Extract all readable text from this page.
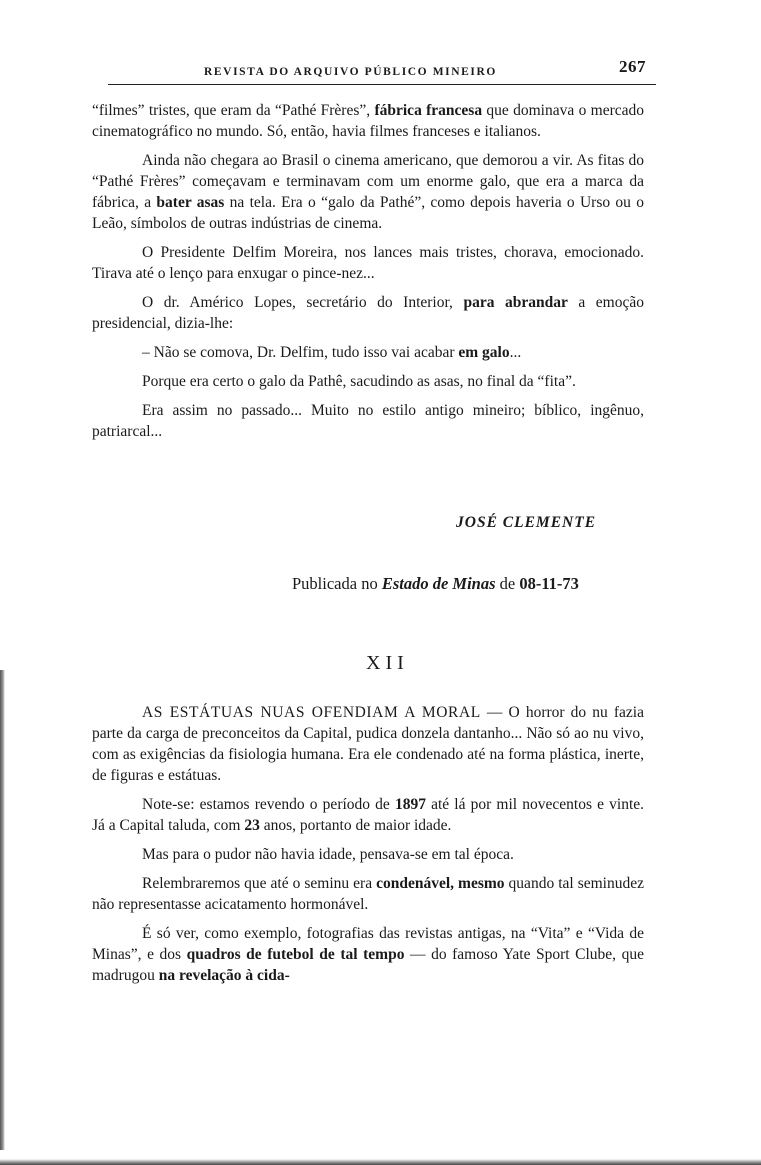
REVISTA DO ARQUIVO PÚBLICO MINEIRO	267

“filmes” tristes, que eram da “Pathé Frères”, fábrica francesa que dominava o mercado cinematográfico no mundo. Só, então, havia filmes franceses e italianos.

Ainda não chegara ao Brasil o cinema americano, que demorou a vir. As fitas do “Pathé Frères” começavam e terminavam com um enorme galo, que era a marca da fábrica, a bater asas na tela. Era o “galo da Pathé”, como depois haveria o Urso ou o Leão, símbolos de outras indústrias de cinema.

O Presidente Delfim Moreira, nos lances mais tristes, chorava, emocionado. Tirava até o lenço para enxugar o pince-nez...

O dr. Américo Lopes, secretário do Interior, para abrandar a emoção presidencial, dizia-lhe:

– Não se comova, Dr. Delfim, tudo isso vai acabar em galo...

Porque era certo o galo da Pathê, sacudindo as asas, no final da “fita”.

Era assim no passado... Muito no estilo antigo mineiro; bíblico, ingênuo, patriarcal...

JOSÉ CLEMENTE
Publicada no Estado de Minas de 08-11-73
XII

AS ESTÁTUAS NUAS OFENDIAM A MORAL — O horror do nu fazia parte da carga de preconceitos da Capital, pudica donzela dantanho... Não só ao nu vivo, com as exigências da fisiologia humana. Era ele condenado até na forma plástica, inerte, de figuras e estátuas.

Note-se: estamos revendo o período de 1897 até lá por mil novecentos e vinte. Já a Capital taluda, com 23 anos, portanto de maior idade.

Mas para o pudor não havia idade, pensava-se em tal época.

Relembraremos que até o seminu era condenável, mesmo quando tal seminudez não representasse acicatamento hormonável.

É só ver, como exemplo, fotografias das revistas antigas, na “Vita” e “Vida de Minas”, e dos quadros de futebol de tal tempo — do famoso Yate Sport Clube, que madrugou na revelação à cida-
